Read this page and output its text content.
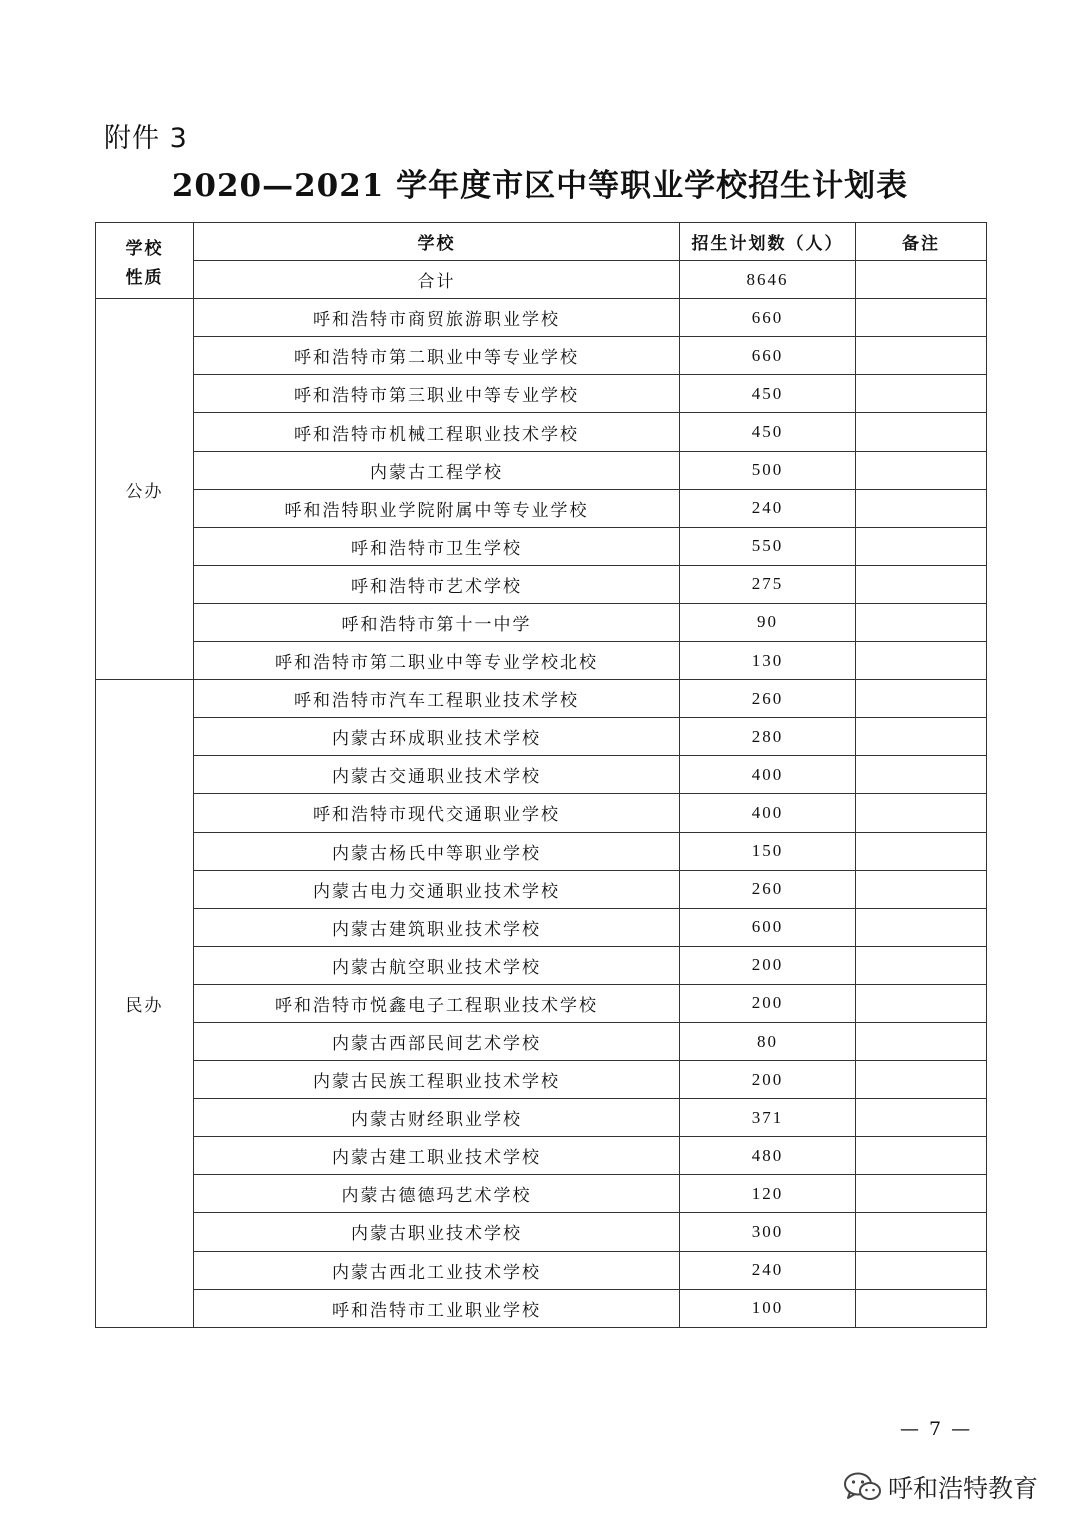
附件 3
2020—2021 学年度市区中等职业学校招生计划表
学校
性质	学校	招生计划数（人）	备注
	合计	8646	
公办	呼和浩特市商贸旅游职业学校	660	
	呼和浩特市第二职业中等专业学校	660	
	呼和浩特市第三职业中等专业学校	450	
	呼和浩特市机械工程职业技术学校	450	
	内蒙古工程学校	500	
	呼和浩特职业学院附属中等专业学校	240	
	呼和浩特市卫生学校	550	
	呼和浩特市艺术学校	275	
	呼和浩特市第十一中学	90	
	呼和浩特市第二职业中等专业学校北校	130	
民办	呼和浩特市汽车工程职业技术学校	260	
	内蒙古环成职业技术学校	280	
	内蒙古交通职业技术学校	400	
	呼和浩特市现代交通职业学校	400	
	内蒙古杨氏中等职业学校	150	
	内蒙古电力交通职业技术学校	260	
	内蒙古建筑职业技术学校	600	
	内蒙古航空职业技术学校	200	
	呼和浩特市悦鑫电子工程职业技术学校	200	
	内蒙古西部民间艺术学校	80	
	内蒙古民族工程职业技术学校	200	
	内蒙古财经职业学校	371	
	内蒙古建工职业技术学校	480	
	内蒙古德德玛艺术学校	120	
	内蒙古职业技术学校	300	
	内蒙古西北工业技术学校	240	
	呼和浩特市工业职业学校	100	
— 7 —
呼和浩特教育
